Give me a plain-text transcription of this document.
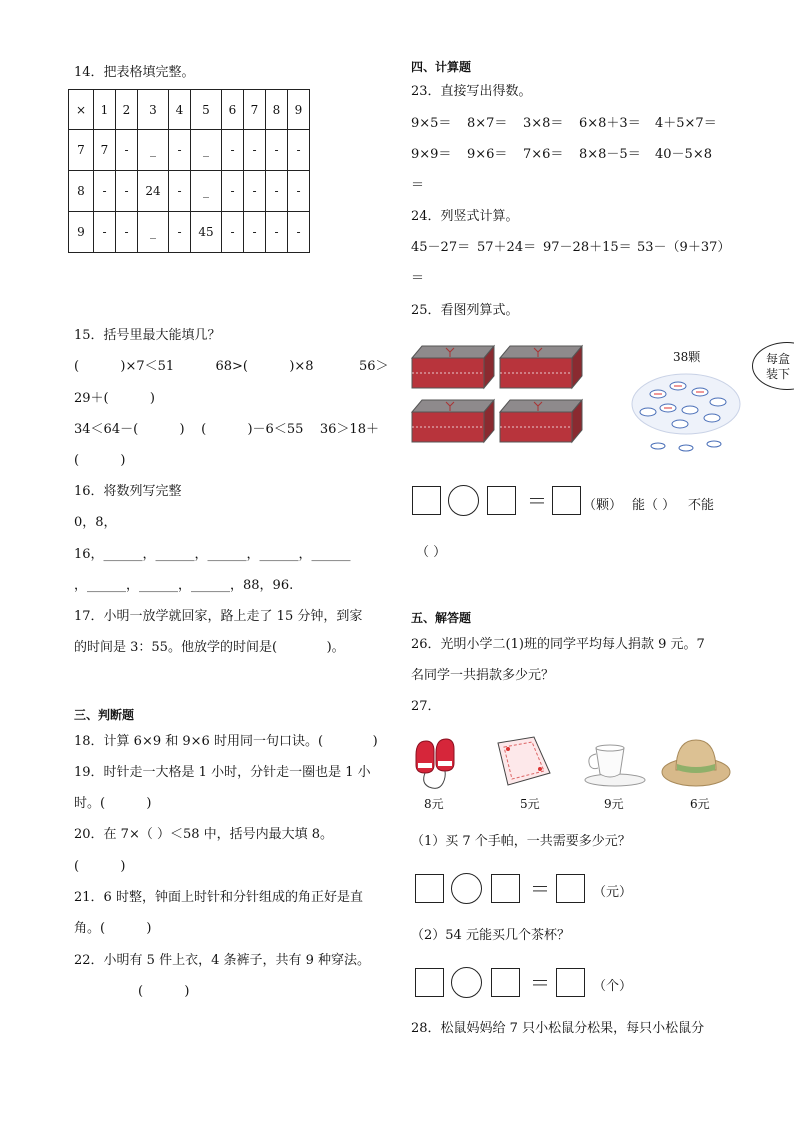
14．把表格填完整。
×	1	2	3	4	5	6	7	8	9
7	7	-	_	-	_	-	-	-	-
8	-	-	24	-	_	-	-	-	-
9	-	-	_	-	45	-	-	-	-
15．括号里最大能填几？
(          )×7＜51          68>(          )×8           56＞
29＋(          )
34＜64－(          )    (          )－6＜55    36＞18＋
(          )
16．将数列写完整
0，8，
16，______，______，______，______，______
，______，______，______，88，96.
17．小明一放学就回家，路上走了 15 分钟，到家
的时间是 3：55。他放学的时间是(            )。
三、判断题
18．计算 6×9 和 9×6 时用同一句口诀。(            )
19．时针走一大格是 1 小时，分针走一圈也是 1 小
时。(          )
20．在 7×（ ）＜58 中，括号内最大填 8。
(          )
21．6 时整，钟面上时针和分针组成的角正好是直
角。(          )
22．小明有 5 件上衣，4 条裤子，共有 9 种穿法。
(          )
四、计算题
23．直接写出得数。
9×5＝ 8×7＝ 3×8＝ 6×8＋3＝ 4＋5×7＝
9×9＝ 9×6＝ 7×6＝ 8×8－5＝ 40－5×8
＝
24．列竖式计算。
45－27＝ 57＋24＝ 97－28＋15＝ 53－（9＋37）
＝
25．看图列算式。
38颗	每盒
装下
＝	（颗） 能（ ） 不能
（ ）
五、解答题
26．光明小学二(1)班的同学平均每人捐款 9 元。7
名同学一共捐款多少元？
27．
8元	5元	9元	6元
（1）买 7 个手帕，一共需要多少元？
＝	（元）
（2）54 元能买几个茶杯？
＝	（个）
28．松鼠妈妈给 7 只小松鼠分松果，每只小松鼠分
